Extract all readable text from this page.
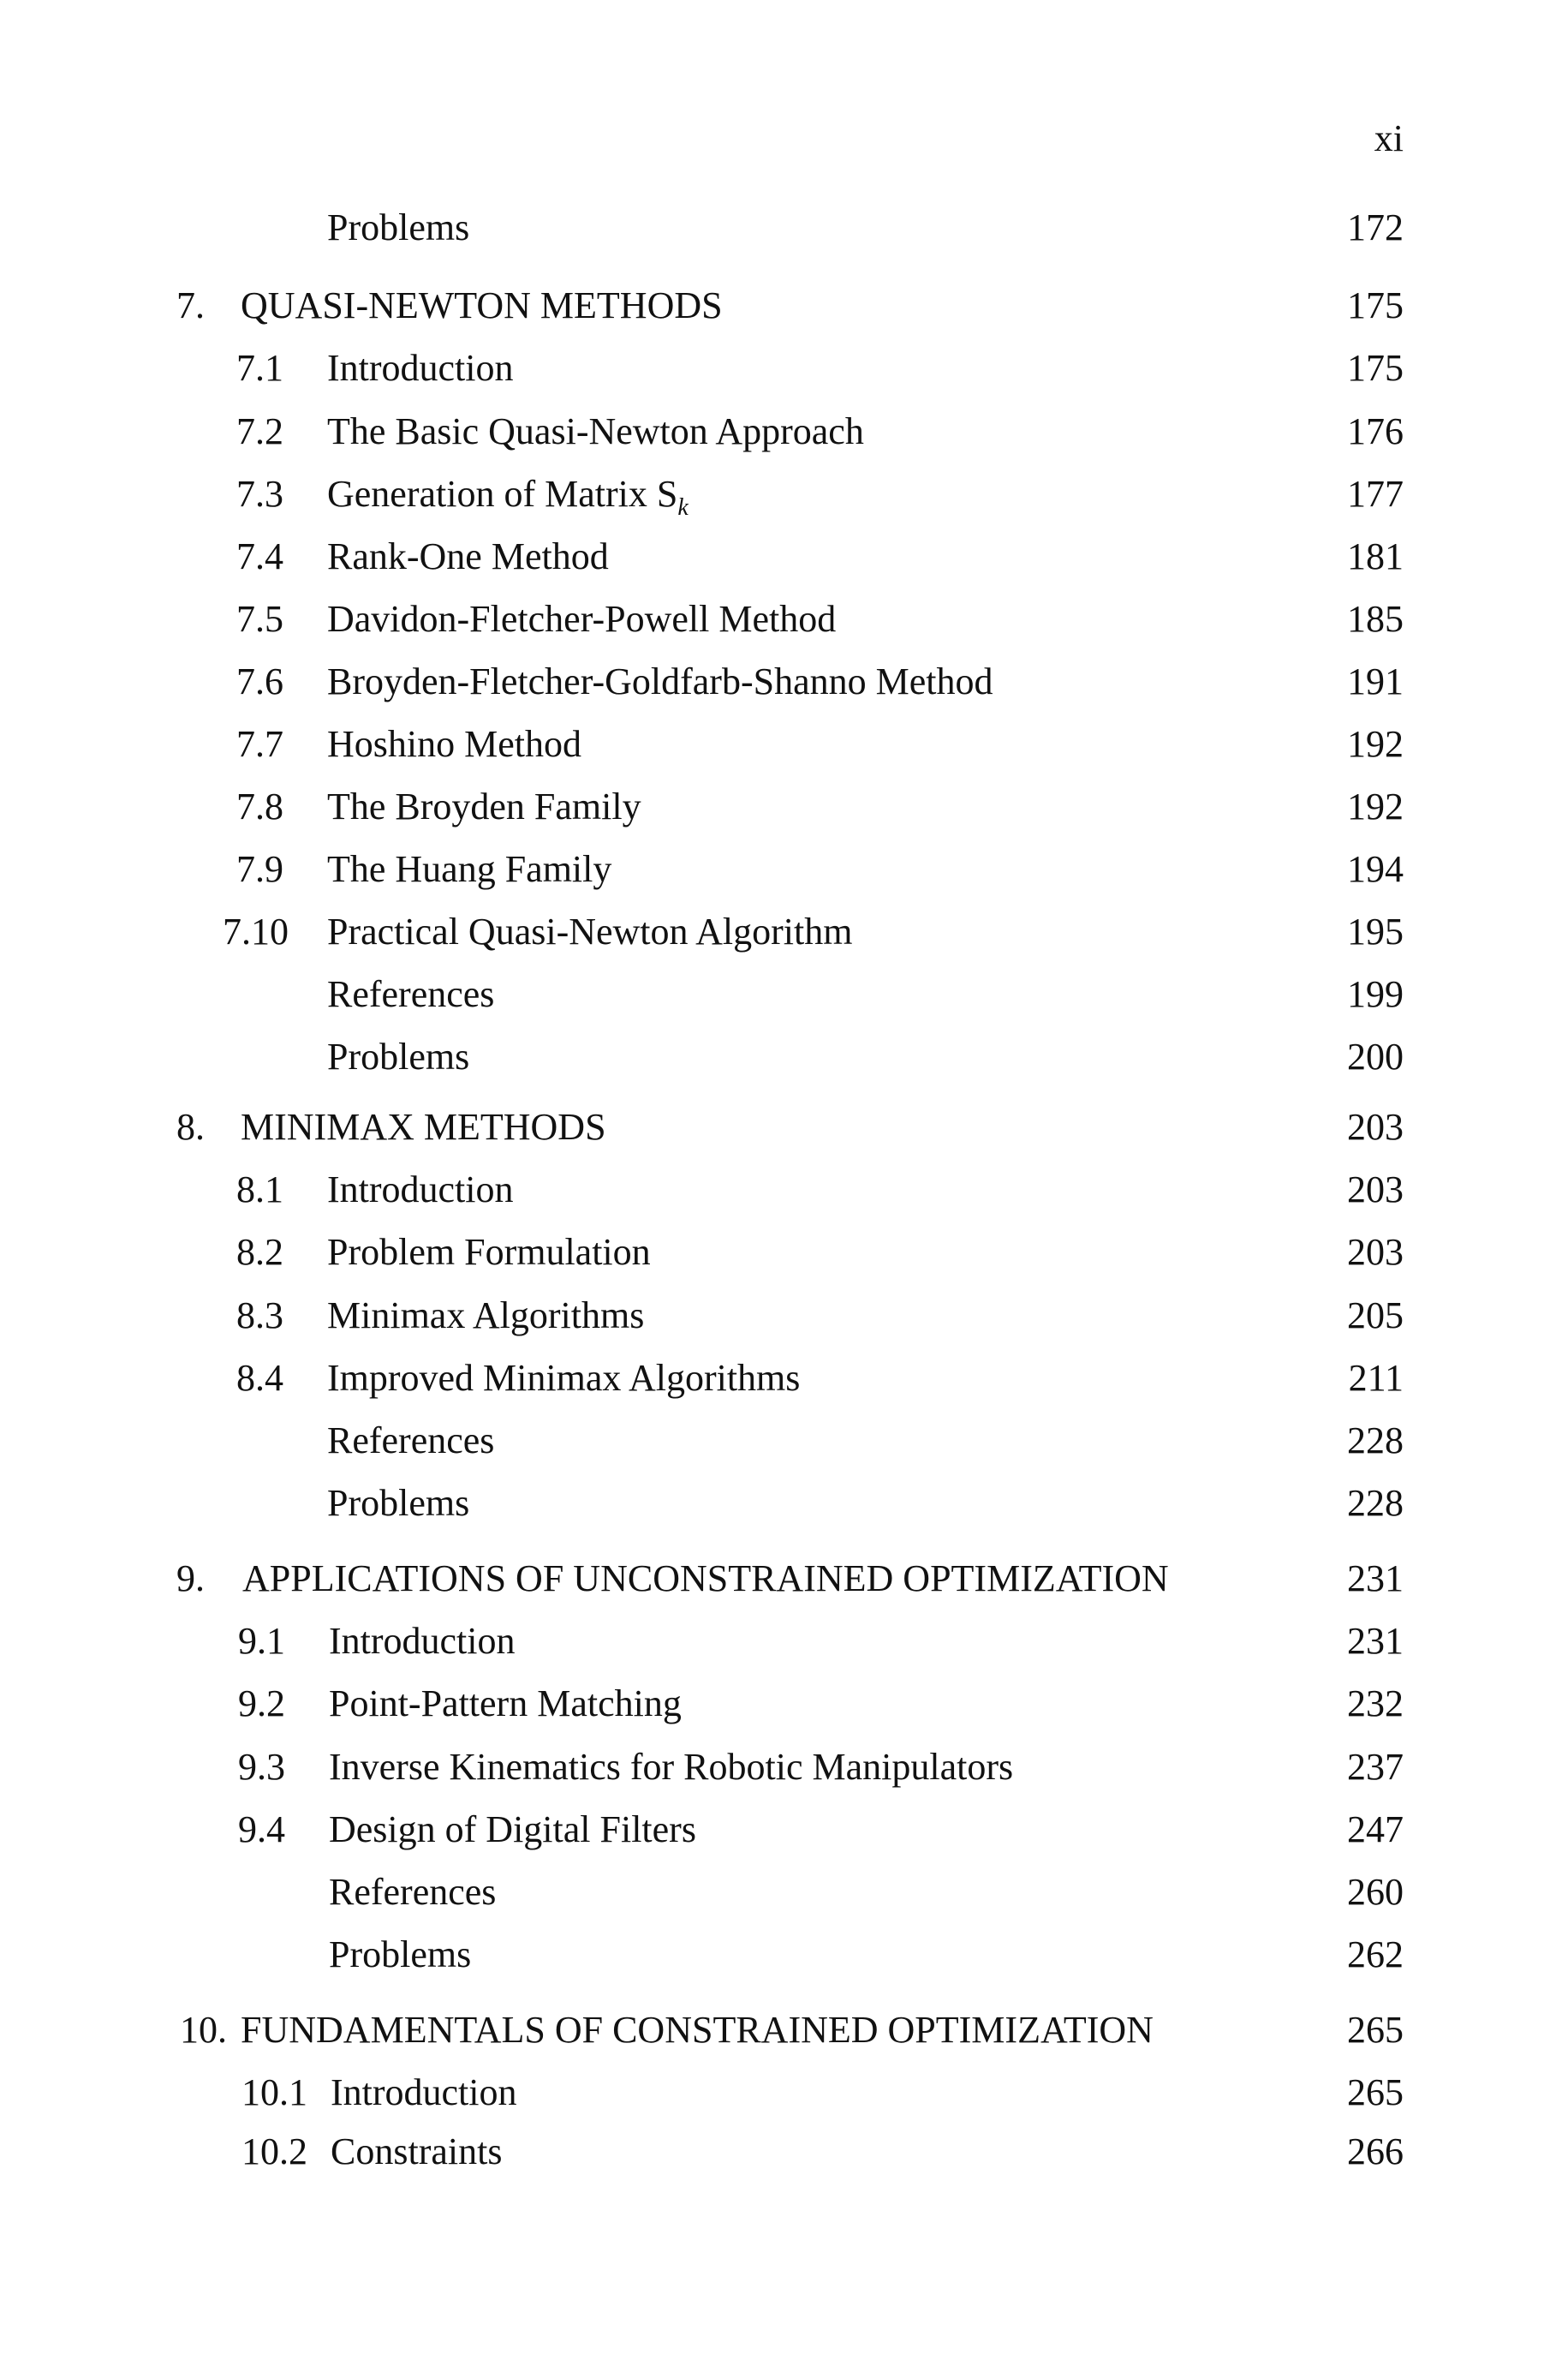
xi
Problems	172
7. QUASI-NEWTON METHODS	175
7.1 Introduction	175
7.2 The Basic Quasi-Newton Approach	176
7.3 Generation of Matrix $S_k$	177
7.4 Rank-One Method	181
7.5 Davidon-Fletcher-Powell Method	185
7.6 Broyden-Fletcher-Goldfarb-Shanno Method	191
7.7 Hoshino Method	192
7.8 The Broyden Family	192
7.9 The Huang Family	194
7.10 Practical Quasi-Newton Algorithm	195
References	199
Problems	200
8. MINIMAX METHODS	203
8.1 Introduction	203
8.2 Problem Formulation	203
8.3 Minimax Algorithms	205
8.4 Improved Minimax Algorithms	211
References	228
Problems	228
9. APPLICATIONS OF UNCONSTRAINED OPTIMIZATION	231
9.1 Introduction	231
9.2 Point-Pattern Matching	232
9.3 Inverse Kinematics for Robotic Manipulators	237
9.4 Design of Digital Filters	247
References	260
Problems	262
10. FUNDAMENTALS OF CONSTRAINED OPTIMIZATION	265
10.1 Introduction	265
10.2 Constraints	266
